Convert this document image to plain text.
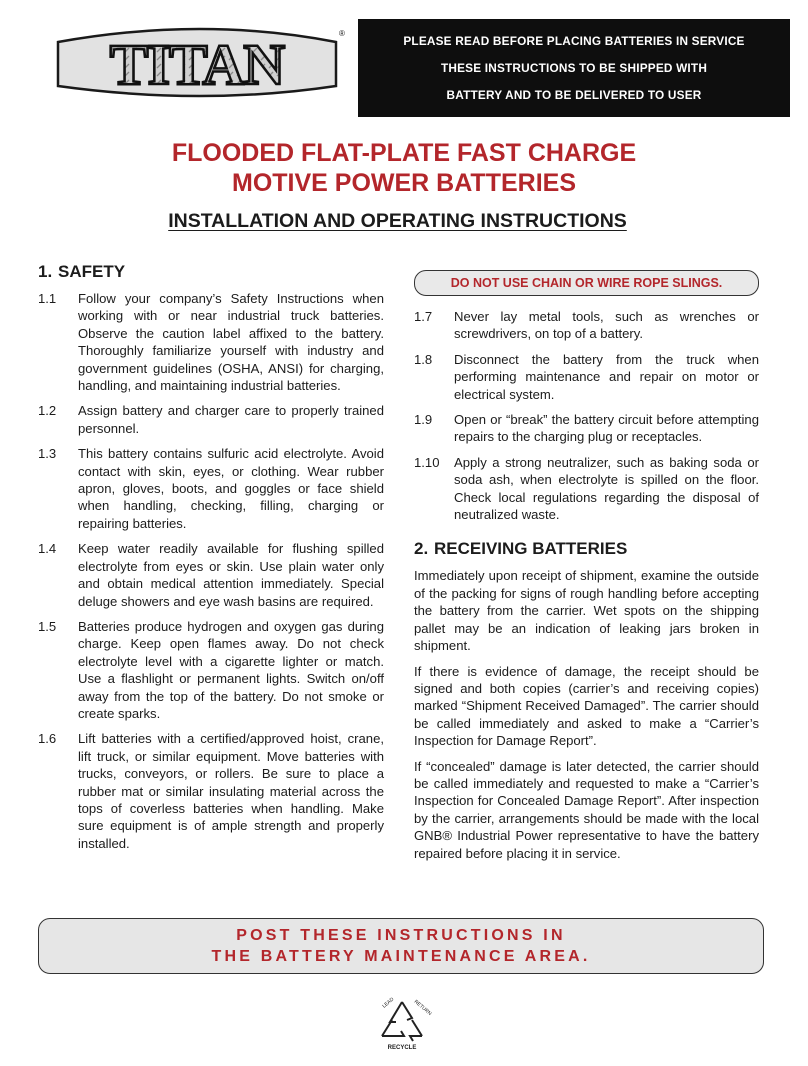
TITAN	®
PLEASE READ BEFORE PLACING BATTERIES IN SERVICE
THESE INSTRUCTIONS TO BE SHIPPED WITH
BATTERY AND TO BE DELIVERED TO USER
FLOODED FLAT-PLATE FAST CHARGE
MOTIVE POWER BATTERIES
INSTALLATION AND OPERATING INSTRUCTIONS
1. SAFETY
1.1	Follow your company’s Safety Instructions when working with or near industrial truck batteries. Observe the caution label affixed to the battery. Thoroughly familiarize yourself with industry and government guidelines (OSHA, ANSI) for charging, handling, and maintaining industrial batteries.
1.2	Assign battery and charger care to properly trained personnel.
1.3	This battery contains sulfuric acid electrolyte. Avoid contact with skin, eyes, or clothing. Wear rubber apron, gloves, boots, and goggles or face shield when handling, checking, filling, charging or repairing batteries.
1.4	Keep water readily available for flushing spilled electrolyte from eyes or skin. Use plain water only and obtain medical attention immediately. Special deluge showers and eye wash basins are required.
1.5	Batteries produce hydrogen and oxygen gas during charge. Keep open flames away. Do not check electrolyte level with a cigarette lighter or match. Use a flashlight or permanent lights. Switch on/off away from the top of the battery. Do not smoke or create sparks.
1.6	Lift batteries with a certified/approved hoist, crane, lift truck, or similar equipment. Move batteries with trucks, conveyors, or rollers. Be sure to place a rubber mat or similar insulating material across the tops of coverless batteries when handling. Make sure equipment is of ample strength and properly installed.
DO NOT USE CHAIN OR WIRE ROPE SLINGS.
1.7	Never lay metal tools, such as wrenches or screwdrivers, on top of a battery.
1.8	Disconnect the battery from the truck when performing maintenance and repair on motor or electrical system.
1.9	Open or “break” the battery circuit before attempting repairs to the charging plug or receptacles.
1.10	Apply a strong neutralizer, such as baking soda or soda ash, when electrolyte is spilled on the floor. Check local regulations regarding the disposal of neutralized waste.
2. RECEIVING BATTERIES

Immediately upon receipt of shipment, examine the outside of the packing for signs of rough handling before accepting the battery from the carrier. Wet spots on the shipping pallet may be an indication of leaking jars broken in shipment.

If there is evidence of damage, the receipt should be signed and both copies (carrier’s and receiving copies) marked “Shipment Received Damaged”. The carrier should be called immediately and asked to make a “Carrier’s Inspection for Damage Report”.

If “concealed” damage is later detected, the carrier should be called immediately and requested to make a “Carrier’s Inspection for Concealed Damage Report”. After inspection by the carrier, arrangements should be made with the local GNB® Industrial Power representative to have the battery repaired before placing it in service.

POST THESE INSTRUCTIONS IN
THE BATTERY MAINTENANCE AREA.
LEAD	RETURN
RECYCLE
